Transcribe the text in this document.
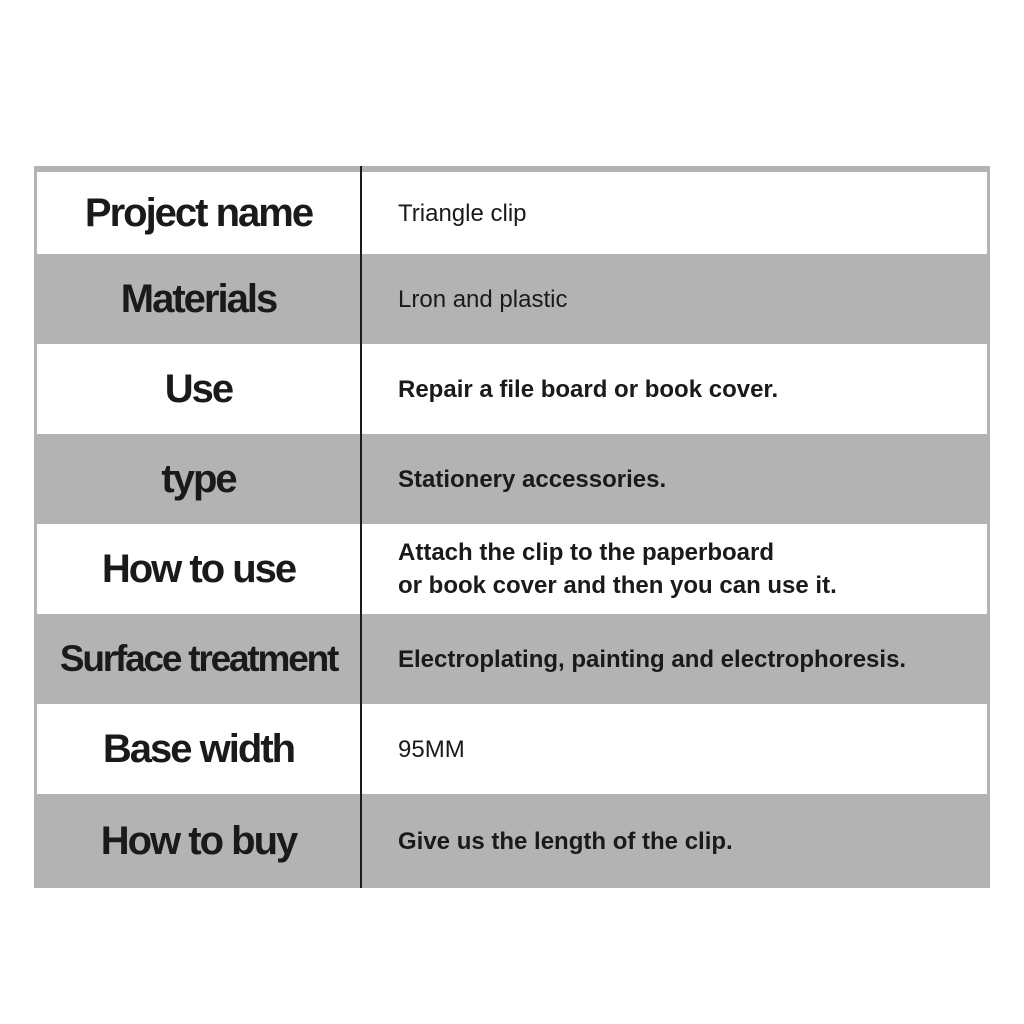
Project name	Triangle clip
Materials	Lron and plastic
Use	Repair a file board or book cover.
type	Stationery accessories.
How to use	Attach the clip to the paperboard
or book cover and then you can use it.
Surface treatment	Electroplating, painting and electrophoresis.
Base width	95MM
How to buy	Give us the length of the clip.
